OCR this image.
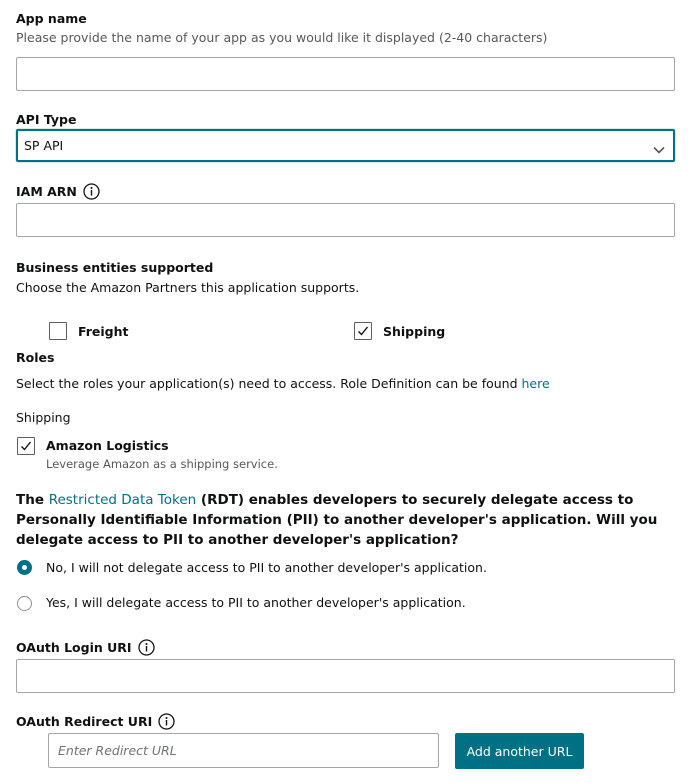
App name
Please provide the name of your app as you would like it displayed (2-40 characters)
API Type
SP API
IAM ARN
Business entities supported
Choose the Amazon Partners this application supports.
Freight	Shipping
Roles
Select the roles your application(s) need to access. Role Definition can be found here
Shipping
Amazon Logistics
Leverage Amazon as a shipping service.
The Restricted Data Token (RDT) enables developers to securely delegate access to Personally Identifiable Information (PII) to another developer's application. Will you delegate access to PII to another developer's application?
No, I will not delegate access to PII to another developer's application.
Yes, I will delegate access to PII to another developer's application.
OAuth Login URI
OAuth Redirect URI
Enter Redirect URL
Add another URL
